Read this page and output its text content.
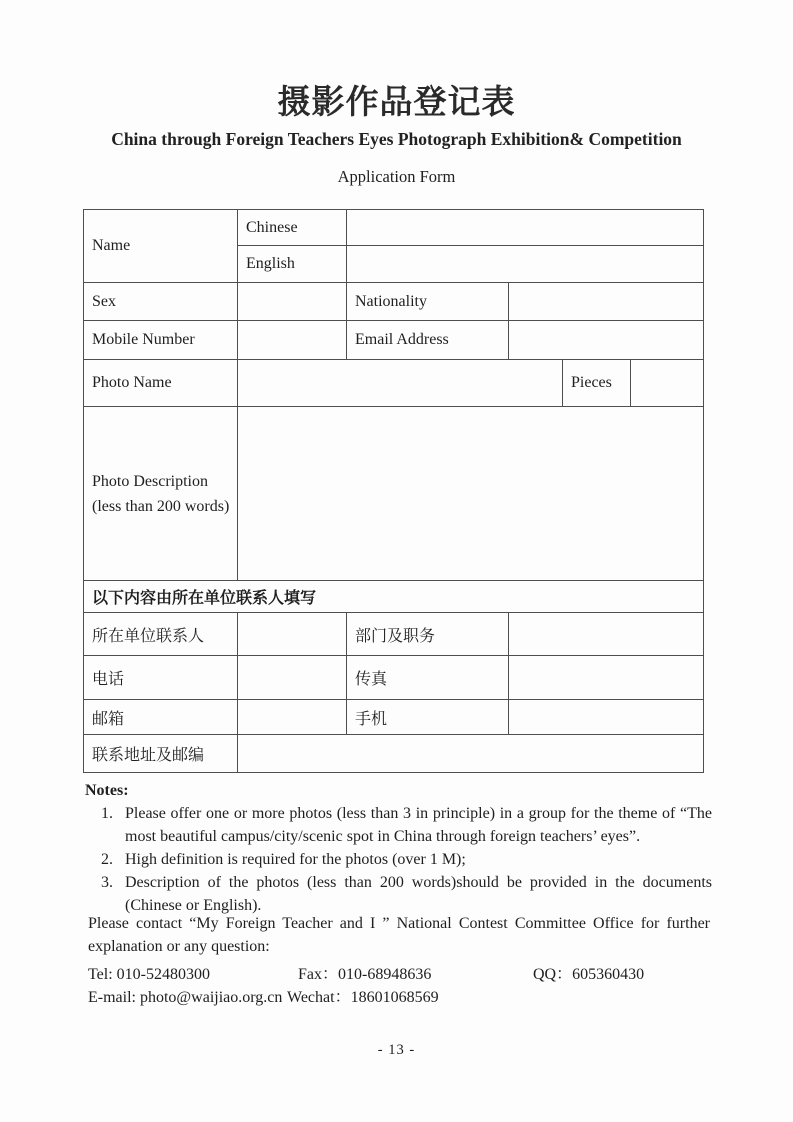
摄影作品登记表
China through Foreign Teachers Eyes Photograph Exhibition& Competition
Application Form
Name	Chinese				
	English				
Sex		Nationality			
Mobile Number		Email Address			
Photo Name				Pieces	

Photo Description
(less than 200 words)					

以下内容由所在单位联系人填写					
所在单位联系人		部门及职务			
电话		传真			
邮箱		手机			
联系地址及邮编					
Notes:
1. Please offer one or more photos (less than 3 in principle) in a group for the theme of “The most beautiful campus/city/scenic spot in China through foreign teachers’ eyes”.
2. High definition is required for the photos (over 1 M);
3. Description of the photos (less than 200 words)should be provided in the documents (Chinese or English).
Please contact “My Foreign Teacher and I ” National Contest Committee Office for further explanation or any question:
Tel: 010-52480300	Fax：010-68948636	QQ：605360430
E-mail: photo@waijiao.org.cn Wechat：18601068569
- 13 -
